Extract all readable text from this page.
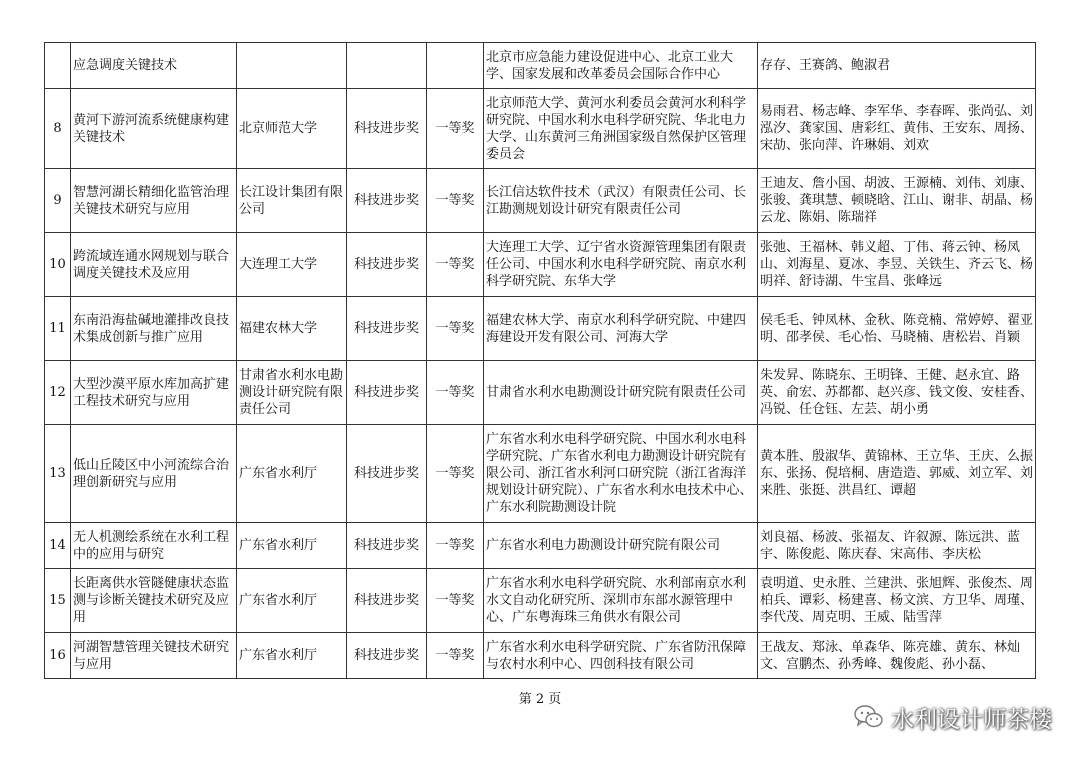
	应急调度关键技术				北京市应急能力建设促进中心、北京工业大学、国家发展和改革委员会国际合作中心	存存、王赛鸽、鲍淑君
8	黄河下游河流系统健康构建关键技术	北京师范大学	科技进步奖	一等奖	北京师范大学、黄河水利委员会黄河水利科学研究院、中国水利水电科学研究院、华北电力大学、山东黄河三角洲国家级自然保护区管理委员会	易雨君、杨志峰、李军华、李春晖、张尚弘、刘泓汐、龚家国、唐彩红、黄伟、王安东、周扬、宋劼、张向萍、许琳娟、刘欢
9	智慧河湖长精细化监管治理关键技术研究与应用	长江设计集团有限公司	科技进步奖	一等奖	长江信达软件技术（武汉）有限责任公司、长江勘测规划设计研究有限责任公司	王迪友、詹小国、胡波、王源楠、刘伟、刘康、张骏、龚琪慧、顿晓晗、江山、谢非、胡晶、杨云龙、陈娟、陈瑞祥
10	跨流域连通水网规划与联合调度关键技术及应用	大连理工大学	科技进步奖	一等奖	大连理工大学、辽宁省水资源管理集团有限责任公司、中国水利水电科学研究院、南京水利科学研究院、东华大学	张弛、王福林、韩义超、丁伟、蒋云钟、杨凤山、刘海星、夏冰、李昱、关铁生、齐云飞、杨明祥、舒诗湖、牛宝昌、张峰远
11	东南沿海盐碱地灌排改良技术集成创新与推广应用	福建农林大学	科技进步奖	一等奖	福建农林大学、南京水利科学研究院、中建四海建设开发有限公司、河海大学	侯毛毛、钟凤林、金秋、陈竞楠、常婷婷、翟亚明、邵孝侯、毛心怡、马晓楠、唐松岩、肖颖
12	大型沙漠平原水库加高扩建工程技术研究与应用	甘肃省水利水电勘测设计研究院有限责任公司	科技进步奖	一等奖	甘肃省水利水电勘测设计研究院有限责任公司	朱发昇、陈晓东、王明锋、王健、赵永宜、路英、俞宏、苏都都、赵兴彦、钱文俊、安桂香、冯锐、任仓钰、左芸、胡小勇
13	低山丘陵区中小河流综合治理创新研究与应用	广东省水利厅	科技进步奖	一等奖	广东省水利水电科学研究院、中国水利水电科学研究院、广东省水利电力勘测设计研究院有限公司、浙江省水利河口研究院（浙江省海洋规划设计研究院）、广东省水利水电技术中心、广东水利院勘测设计院	黄本胜、殷淑华、黄锦林、王立华、王庆、么振东、张扬、倪培桐、唐造造、郭威、刘立军、刘来胜、张挺、洪昌红、谭超
14	无人机测绘系统在水利工程中的应用与研究	广东省水利厅	科技进步奖	一等奖	广东省水利电力勘测设计研究院有限公司	刘良福、杨波、张福友、许叙源、陈远洪、蓝宇、陈俊彪、陈庆春、宋高伟、李庆松
15	长距离供水管隧健康状态监测与诊断关键技术研究及应用	广东省水利厅	科技进步奖	一等奖	广东省水利水电科学研究院、水利部南京水利水文自动化研究所、深圳市东部水源管理中心、广东粤海珠三角供水有限公司	袁明道、史永胜、兰建洪、张旭辉、张俊杰、周柏兵、谭彩、杨建喜、杨文滨、方卫华、周瑾、李代茂、周克明、王威、陆雪萍
16	河湖智慧管理关键技术研究与应用	广东省水利厅	科技进步奖	一等奖	广东省水利水电科学研究院、广东省防汛保障与农村水利中心、四创科技有限公司	王战友、郑泳、单森华、陈亮雄、黄东、林灿文、宫鹏杰、孙秀峰、魏俊彪、孙小磊、
第 2 页
水利设计师茶楼
